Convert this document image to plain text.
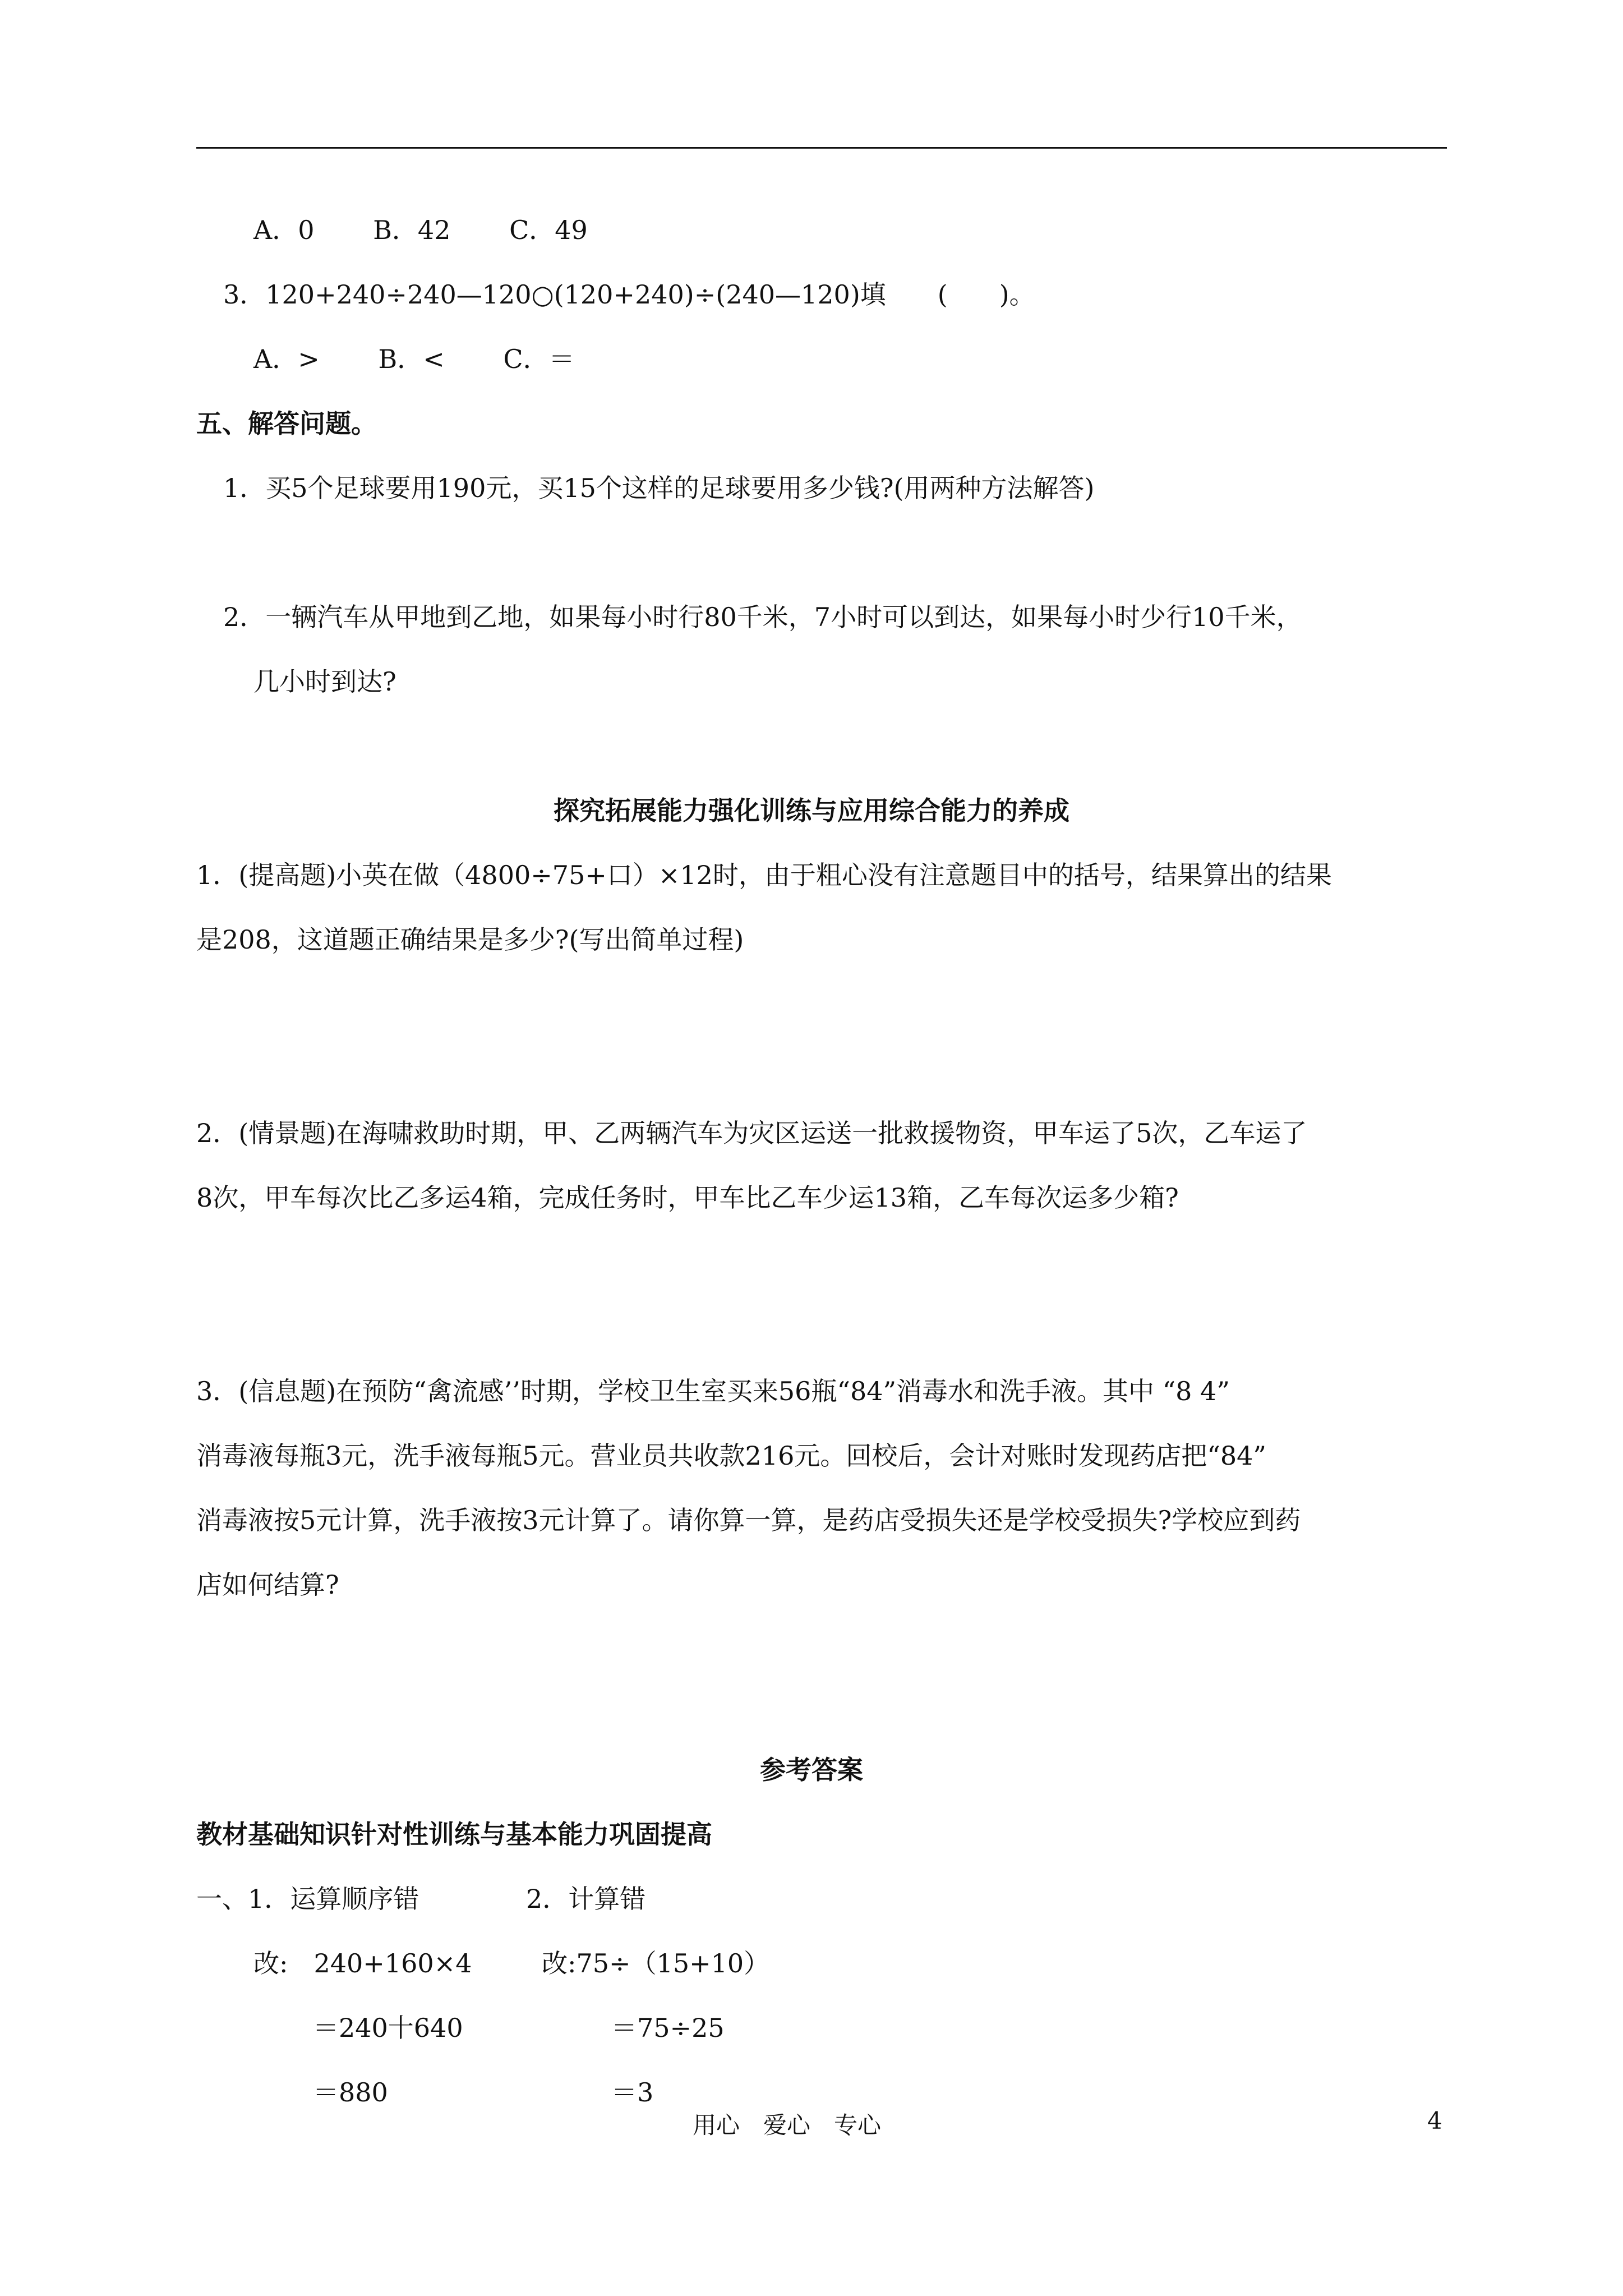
A．0 B．42 C．49
3．120+240÷240—120○(120+240)÷(240—120)填　　(　　)。
A．> B．< C．＝
五、解答问题。
1．买5个足球要用190元，买15个这样的足球要用多少钱?(用两种方法解答)
2．一辆汽车从甲地到乙地，如果每小时行80千米，7小时可以到达，如果每小时少行10千米，
几小时到达?
探究拓展能力强化训练与应用综合能力的养成
1．(提高题)小英在做（4800÷75+口）×12时，由于粗心没有注意题目中的括号，结果算出的结果
是208，这道题正确结果是多少?(写出简单过程)
2．(情景题)在海啸救助时期，甲、乙两辆汽车为灾区运送一批救援物资，甲车运了5次，乙车运了
8次，甲车每次比乙多运4箱，完成任务时，甲车比乙车少运13箱，乙车每次运多少箱?
3．(信息题)在预防“禽流感’’时期，学校卫生室买来56瓶“84”消毒水和洗手液。其中 “8 4”
消毒液每瓶3元，洗手液每瓶5元。营业员共收款216元。回校后，会计对账时发现药店把“84”
消毒液按5元计算，洗手液按3元计算了。请你算一算，是药店受损失还是学校受损失?学校应到药
店如何结算?
参考答案
教材基础知识针对性训练与基本能力巩固提高
一、1．运算顺序错	2．计算错
改:　240+160×4	改:75÷（15+10）
＝240十640	＝75÷25
＝880	＝3
用心　爱心　专心	4
